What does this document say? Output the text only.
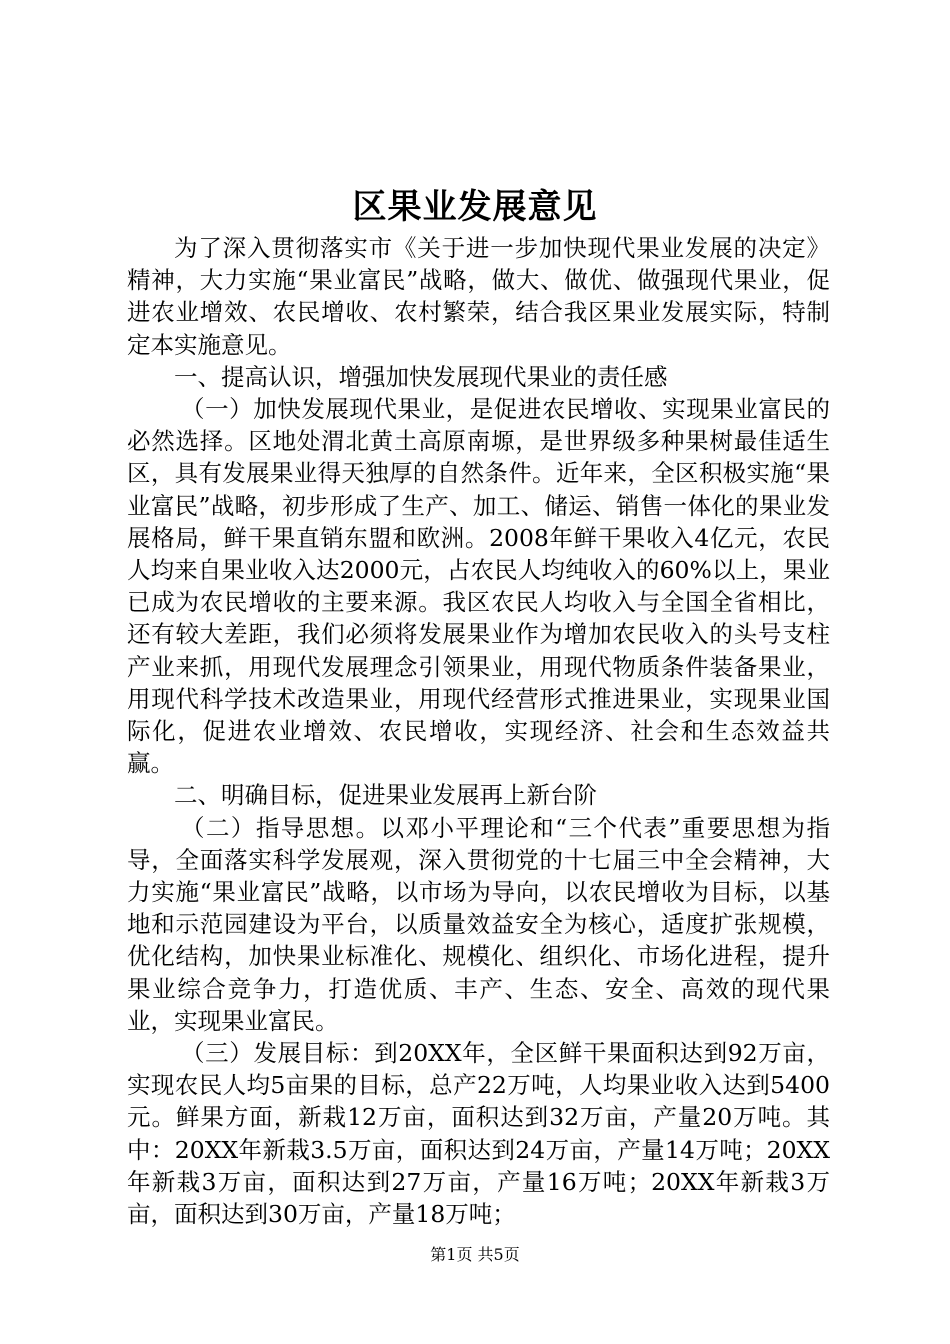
区果业发展意见

为了深入贯彻落实市《关于进一步加快现代果业发展的决定》精神，大力实施“果业富民”战略，做大、做优、做强现代果业，促进农业增效、农民增收、农村繁荣，结合我区果业发展实际，特制定本实施意见。

一、提高认识，增强加快发展现代果业的责任感

（一）加快发展现代果业，是促进农民增收、实现果业富民的必然选择。区地处渭北黄土高原南塬，是世界级多种果树最佳适生区，具有发展果业得天独厚的自然条件。近年来，全区积极实施“果业富民”战略，初步形成了生产、加工、储运、销售一体化的果业发展格局，鲜干果直销东盟和欧洲。2008年鲜干果收入4亿元，农民人均来自果业收入达2000元，占农民人均纯收入的60%以上，果业已成为农民增收的主要来源。我区农民人均收入与全国全省相比，还有较大差距，我们必须将发展果业作为增加农民收入的头号支柱产业来抓，用现代发展理念引领果业，用现代物质条件装备果业，用现代科学技术改造果业，用现代经营形式推进果业，实现果业国际化，促进农业增效、农民增收，实现经济、社会和生态效益共赢。

二、明确目标，促进果业发展再上新台阶

（二）指导思想。以邓小平理论和“三个代表”重要思想为指导，全面落实科学发展观，深入贯彻党的十七届三中全会精神，大力实施“果业富民”战略，以市场为导向，以农民增收为目标，以基地和示范园建设为平台，以质量效益安全为核心，适度扩张规模，优化结构，加快果业标准化、规模化、组织化、市场化进程，提升果业综合竞争力，打造优质、丰产、生态、安全、高效的现代果业，实现果业富民。

（三）发展目标：到20XX年，全区鲜干果面积达到92万亩，实现农民人均5亩果的目标，总产22万吨，人均果业收入达到5400元。鲜果方面，新栽12万亩，面积达到32万亩，产量20万吨。其中：20XX年新栽3.5万亩，面积达到24万亩，产量14万吨；20XX年新栽3万亩，面积达到27万亩，产量16万吨；20XX年新栽3万亩，面积达到30万亩，产量18万吨；

第1页 共5页
